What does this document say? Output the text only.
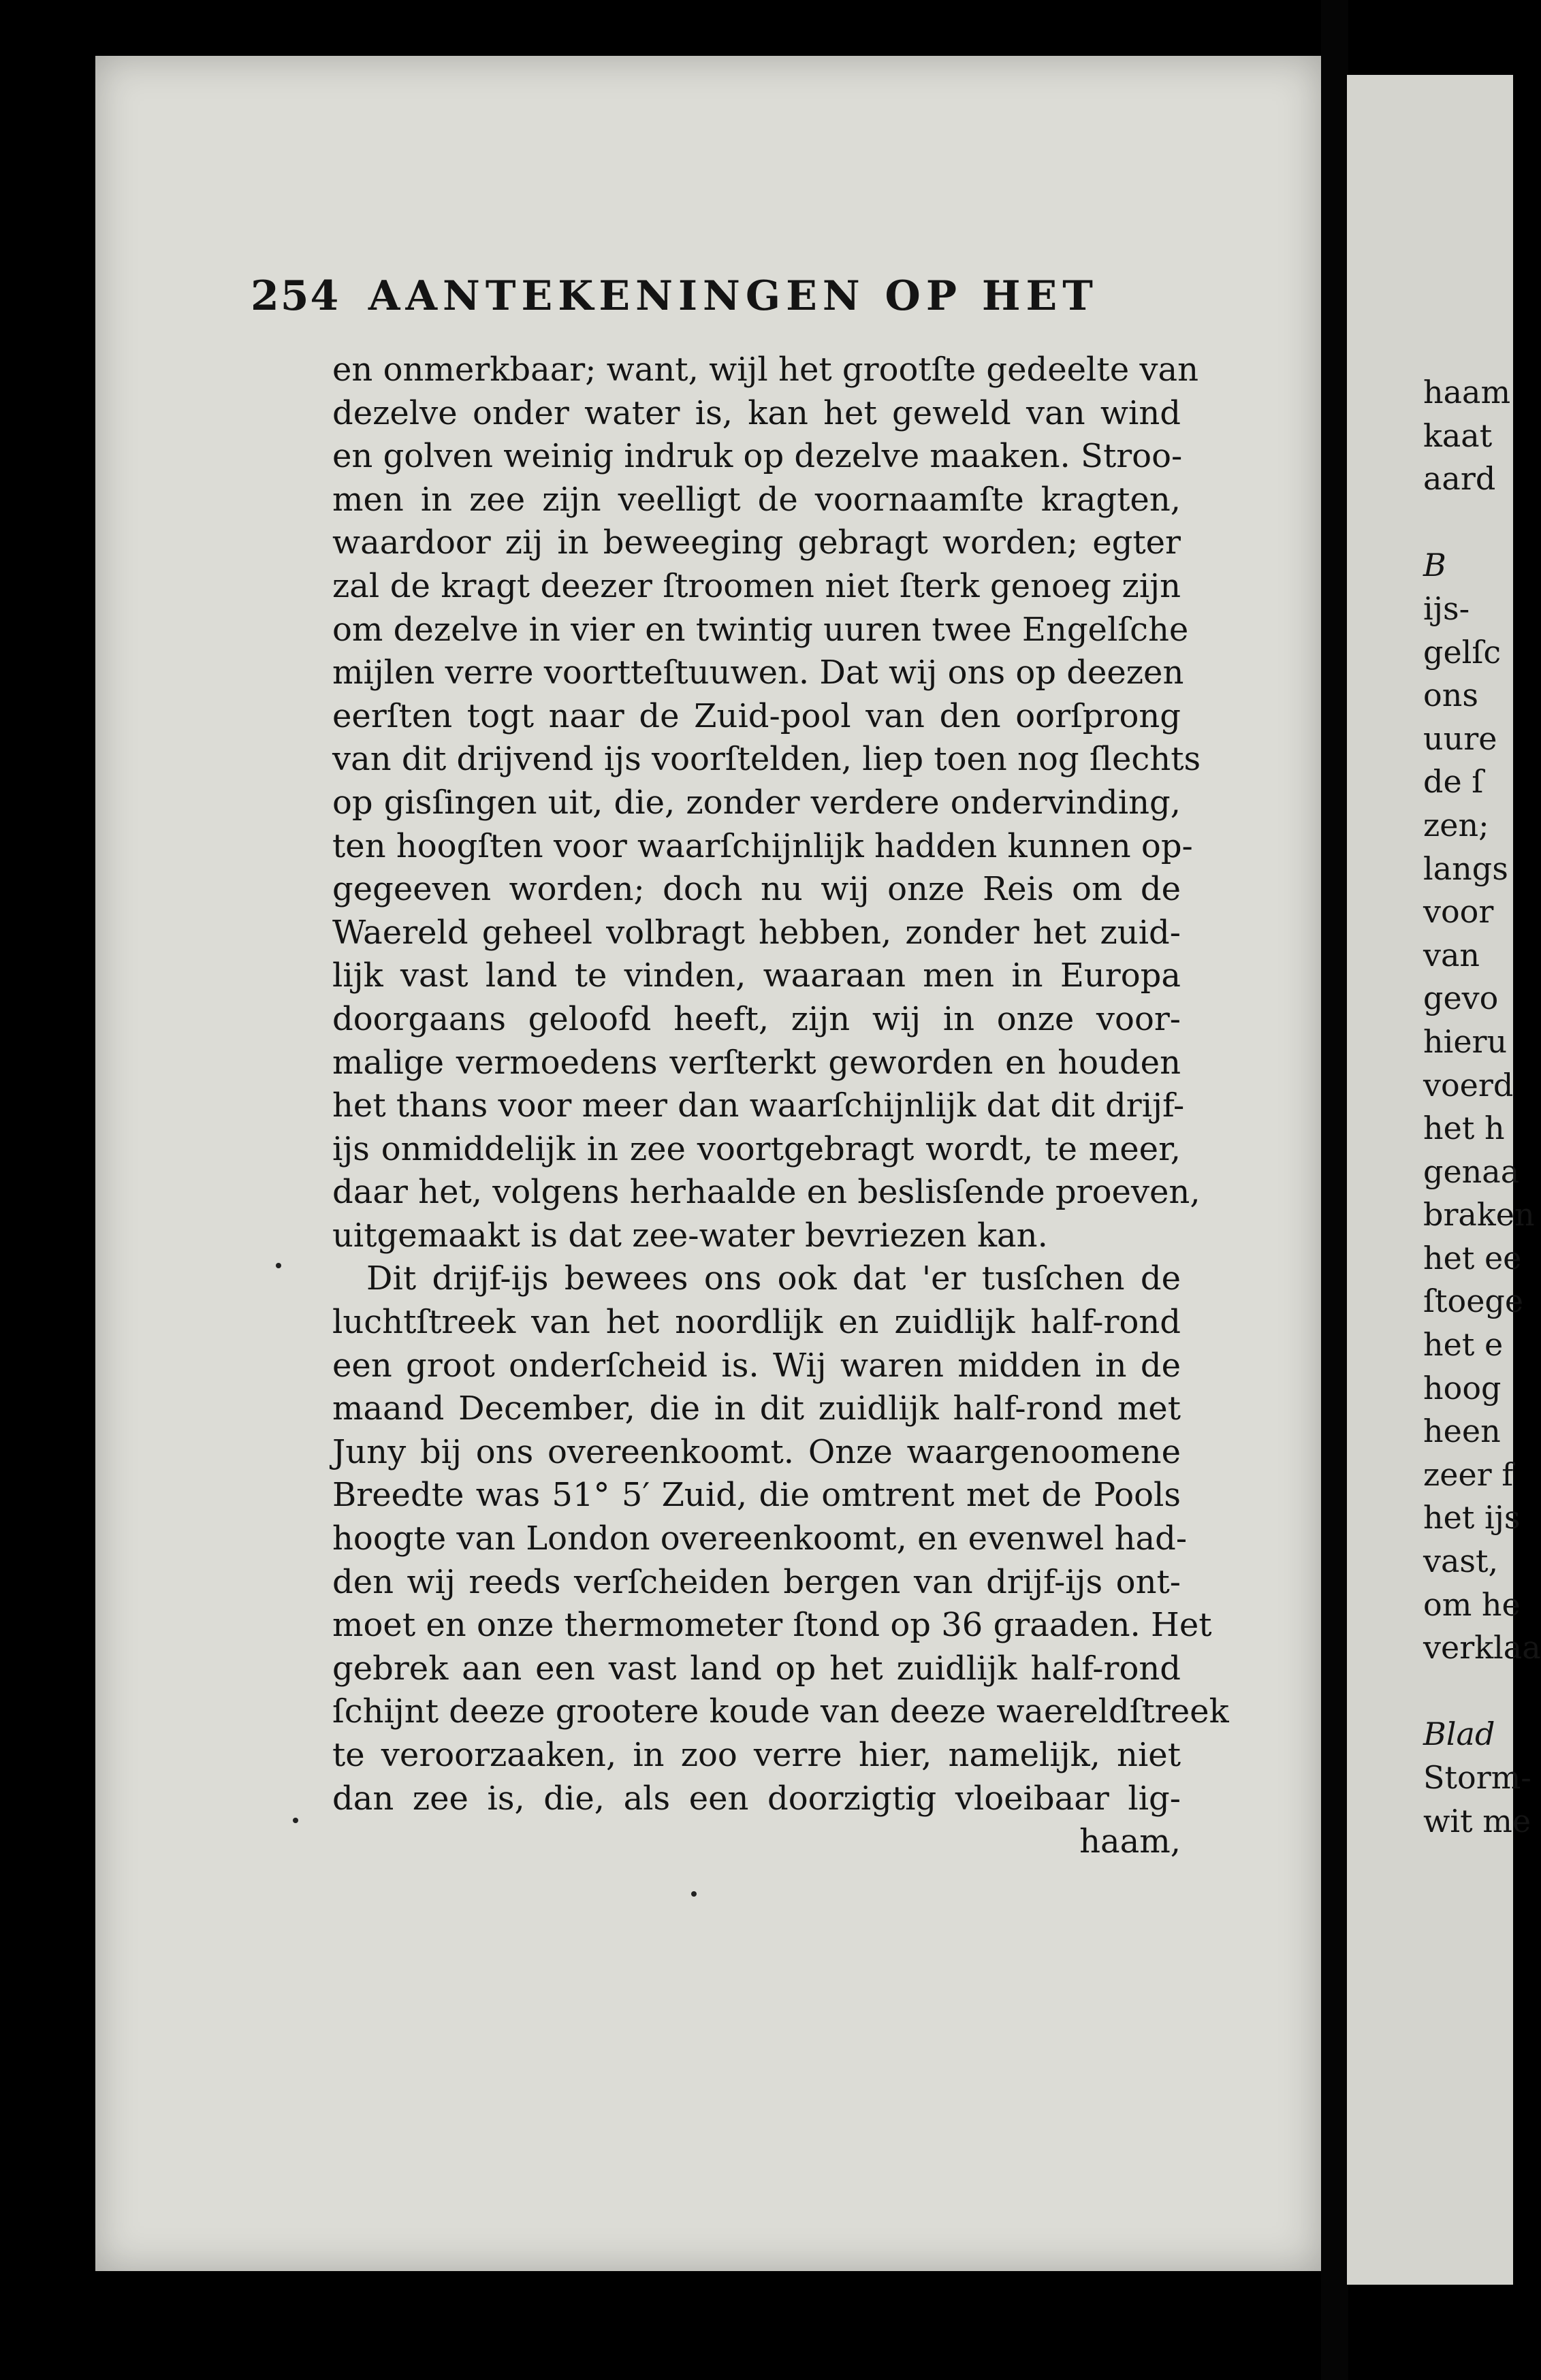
254 AANTEKENINGEN OP HET
en onmerkbaar; want, wijl het grootſte gedeelte van
dezelve onder water is, kan het geweld van wind
en golven weinig indruk op dezelve maaken. Stroo-
men in zee zijn veelligt de voornaamſte kragten,
waardoor zij in beweeging gebragt worden; egter
zal de kragt deezer ſtroomen niet ſterk genoeg zijn
om dezelve in vier en twintig uuren twee Engelſche
mijlen verre voortteſtuuwen. Dat wij ons op deezen
eerſten togt naar de Zuid-pool van den oorſprong
van dit drijvend ijs voorſtelden, liep toen nog ſlechts
op gisſingen uit, die, zonder verdere ondervinding,
ten hoogſten voor waarſchijnlijk hadden kunnen op-
gegeeven worden; doch nu wij onze Reis om de
Waereld geheel volbragt hebben, zonder het zuid-
lijk vast land te vinden, waaraan men in Europa
doorgaans geloofd heeft, zijn wij in onze voor-
malige vermoedens verſterkt geworden en houden
het thans voor meer dan waarſchijnlijk dat dit drijf-
ijs onmiddelijk in zee voortgebragt wordt, te meer,
daar het, volgens herhaalde en beslisſende proeven,
uitgemaakt is dat zee-water bevriezen kan.
Dit drijf-ijs bewees ons ook dat 'er tusſchen de
luchtſtreek van het noordlijk en zuidlijk half-rond
een groot onderſcheid is. Wij waren midden in de
maand December, die in dit zuidlijk half-rond met
Juny bij ons overeenkoomt. Onze waargenoomene
Breedte was 51° 5′ Zuid, die omtrent met de Pools
hoogte van London overeenkoomt, en evenwel had-
den wij reeds verſcheiden bergen van drijf-ijs ont-
moet en onze thermometer ſtond op 36 graaden. Het
gebrek aan een vast land op het zuidlijk half-rond
ſchijnt deeze grootere koude van deeze waereldſtreek
te veroorzaaken, in zoo verre hier, namelijk, niet
dan zee is, die, als een doorzigtig vloeibaar lig-
haam,
haam
kaat
aard
B
ijs-
gelſc
ons
uure
de ſ
zen;
langs
voor
van
gevo
hieru
voerd
het h
genaa
braken
het ee
ſtoege
het e
hoog
heen
zeer f
het ijs
vast,
om he
verklaa
Blad
Storm-
wit me
